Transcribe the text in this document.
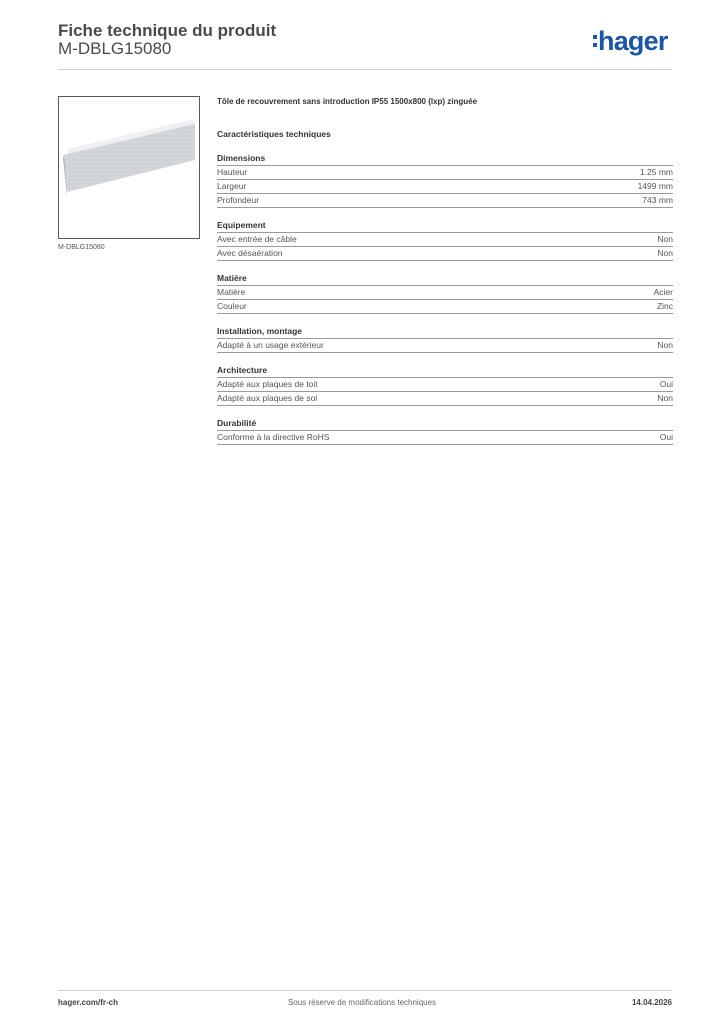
Fiche technique du produit
M-DBLG15080	hager
M-DBLG15080
Tôle de recouvrement sans introduction IP55 1500x800 (lxp) zinguée
Caractéristiques techniques
Dimensions
Hauteur	1.25 mm
Largeur	1499 mm
Profondeur	743 mm
Equipement
Avec entrée de câble	Non
Avec désaération	Non
Matière
Matière	Acier
Couleur	Zinc
Installation, montage
Adapté à un usage extérieur	Non
Architecture
Adapté aux plaques de toit	Oui
Adapté aux plaques de sol	Non
Durabilité
Conforme à la directive RoHS	Oui
hager.com/fr-ch	Sous réserve de modifications techniques	14.04.2026
